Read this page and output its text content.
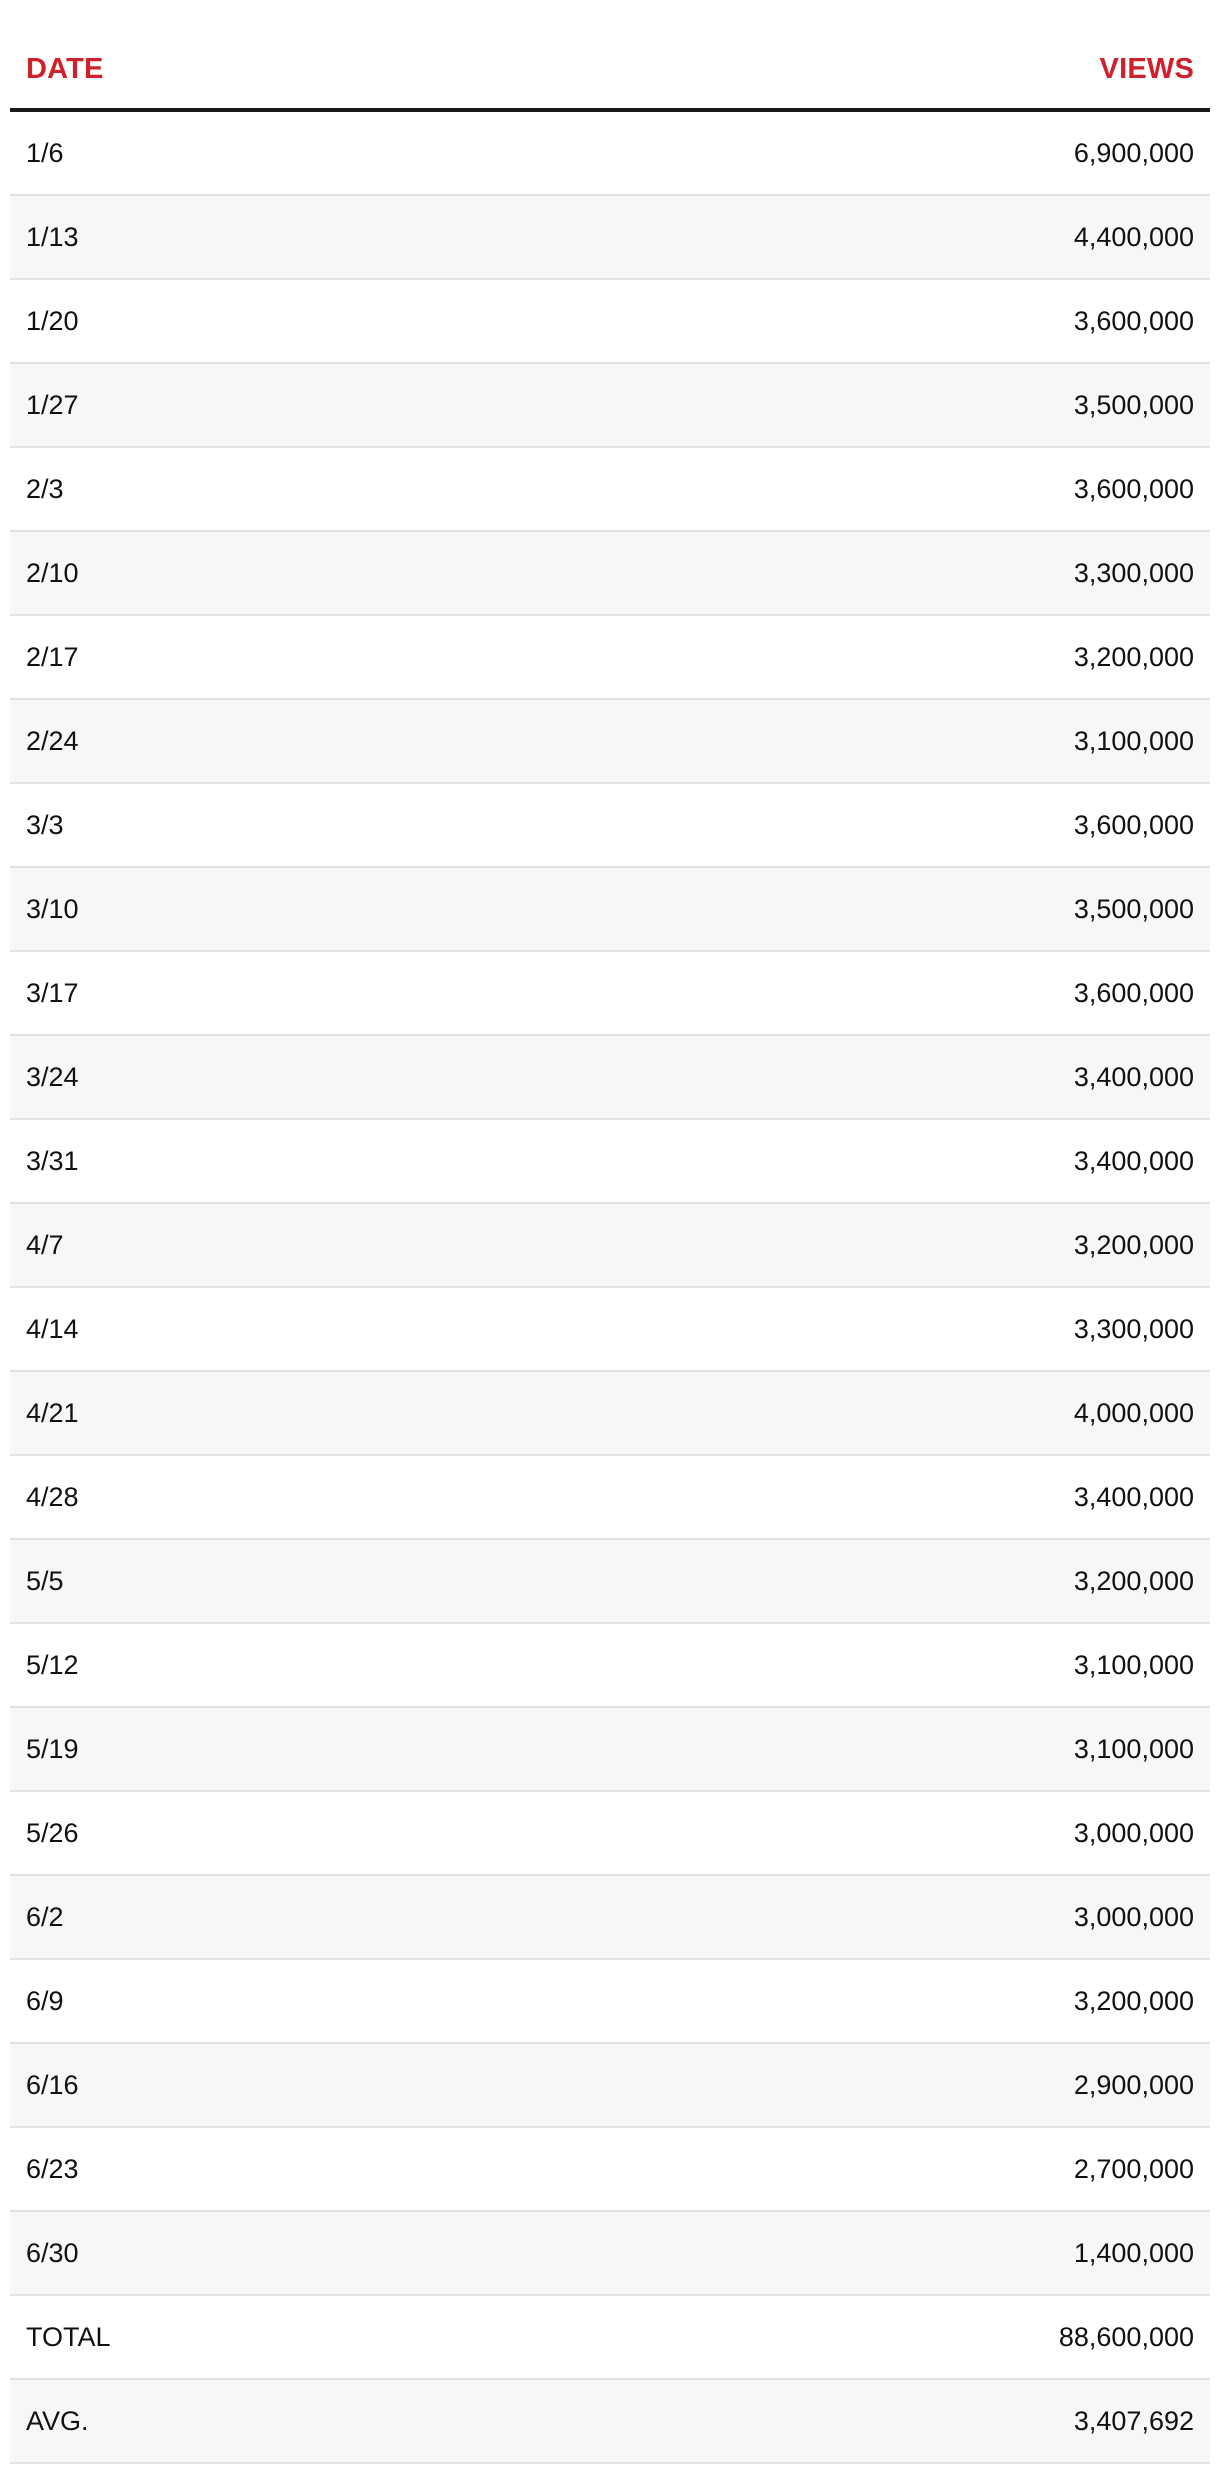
DATE	VIEWS
1/6	6,900,000
1/13	4,400,000
1/20	3,600,000
1/27	3,500,000
2/3	3,600,000
2/10	3,300,000
2/17	3,200,000
2/24	3,100,000
3/3	3,600,000
3/10	3,500,000
3/17	3,600,000
3/24	3,400,000
3/31	3,400,000
4/7	3,200,000
4/14	3,300,000
4/21	4,000,000
4/28	3,400,000
5/5	3,200,000
5/12	3,100,000
5/19	3,100,000
5/26	3,000,000
6/2	3,000,000
6/9	3,200,000
6/16	2,900,000
6/23	2,700,000
6/30	1,400,000
TOTAL	88,600,000
AVG.	3,407,692
